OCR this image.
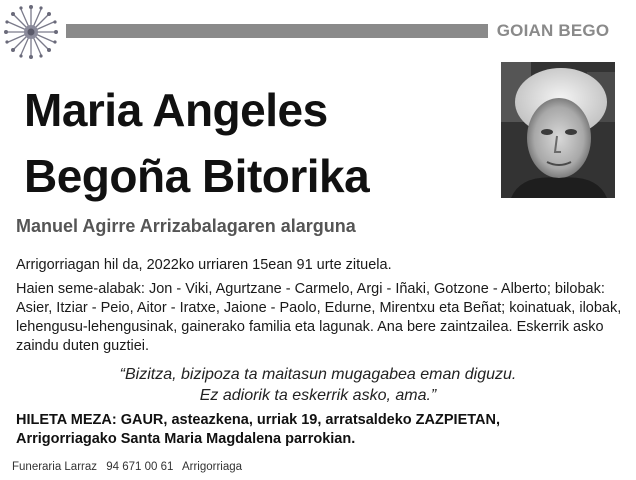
GOIAN BEGO
Maria Angeles
Begoña Bitorika
Manuel Agirre Arrizabalagaren alarguna
Arrigorriagan hil da, 2022ko urriaren 15ean 91 urte zituela.
Haien seme-alabak: Jon - Viki, Agurtzane - Carmelo, Argi - Iñaki, Gotzone - Alberto; bilobak: Asier, Itziar - Peio, Aitor - Iratxe, Jaione - Paolo, Edurne, Mirentxu eta Beñat; koinatuak, ilobak, lehengusu-lehengusinak, gainerako familia eta lagunak. Ana bere zaintzailea. Eskerrik asko zaindu duten guztiei.
“Bizitza, bizipoza ta maitasun mugagabea eman diguzu.
Ez adiorik ta eskerrik asko, ama.”
HILETA MEZA: GAUR, asteazkena, urriak 19, arratsaldeko ZAZPIETAN,
Arrigorriagako Santa Maria Magdalena parrokian.
Funeraria Larraz 94 671 00 61 Arrigorriaga
